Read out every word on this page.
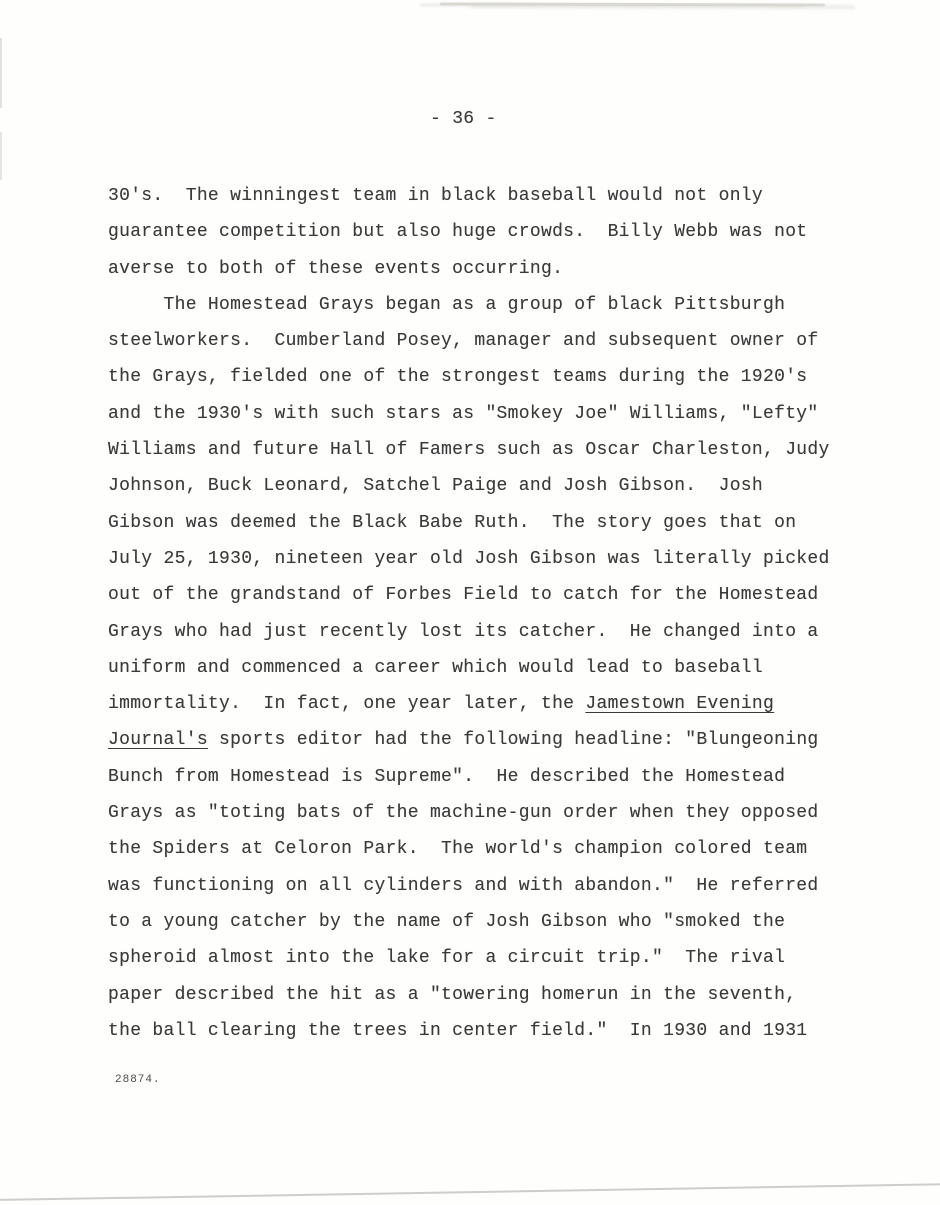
- 36 -
30's.  The winningest team in black baseball would not only
guarantee competition but also huge crowds.  Billy Webb was not
averse to both of these events occurring.
The Homestead Grays began as a group of black Pittsburgh
steelworkers.  Cumberland Posey, manager and subsequent owner of
the Grays, fielded one of the strongest teams during the 1920's
and the 1930's with such stars as "Smokey Joe" Williams, "Lefty"
Williams and future Hall of Famers such as Oscar Charleston, Judy
Johnson, Buck Leonard, Satchel Paige and Josh Gibson.  Josh
Gibson was deemed the Black Babe Ruth.  The story goes that on
July 25, 1930, nineteen year old Josh Gibson was literally picked
out of the grandstand of Forbes Field to catch for the Homestead
Grays who had just recently lost its catcher.  He changed into a
uniform and commenced a career which would lead to baseball
immortality.  In fact, one year later, the Jamestown Evening
Journal's sports editor had the following headline: "Blungeoning
Bunch from Homestead is Supreme".  He described the Homestead
Grays as "toting bats of the machine-gun order when they opposed
the Spiders at Celoron Park.  The world's champion colored team
was functioning on all cylinders and with abandon."  He referred
to a young catcher by the name of Josh Gibson who "smoked the
spheroid almost into the lake for a circuit trip."  The rival
paper described the hit as a "towering homerun in the seventh,
the ball clearing the trees in center field."  In 1930 and 1931
28874.
